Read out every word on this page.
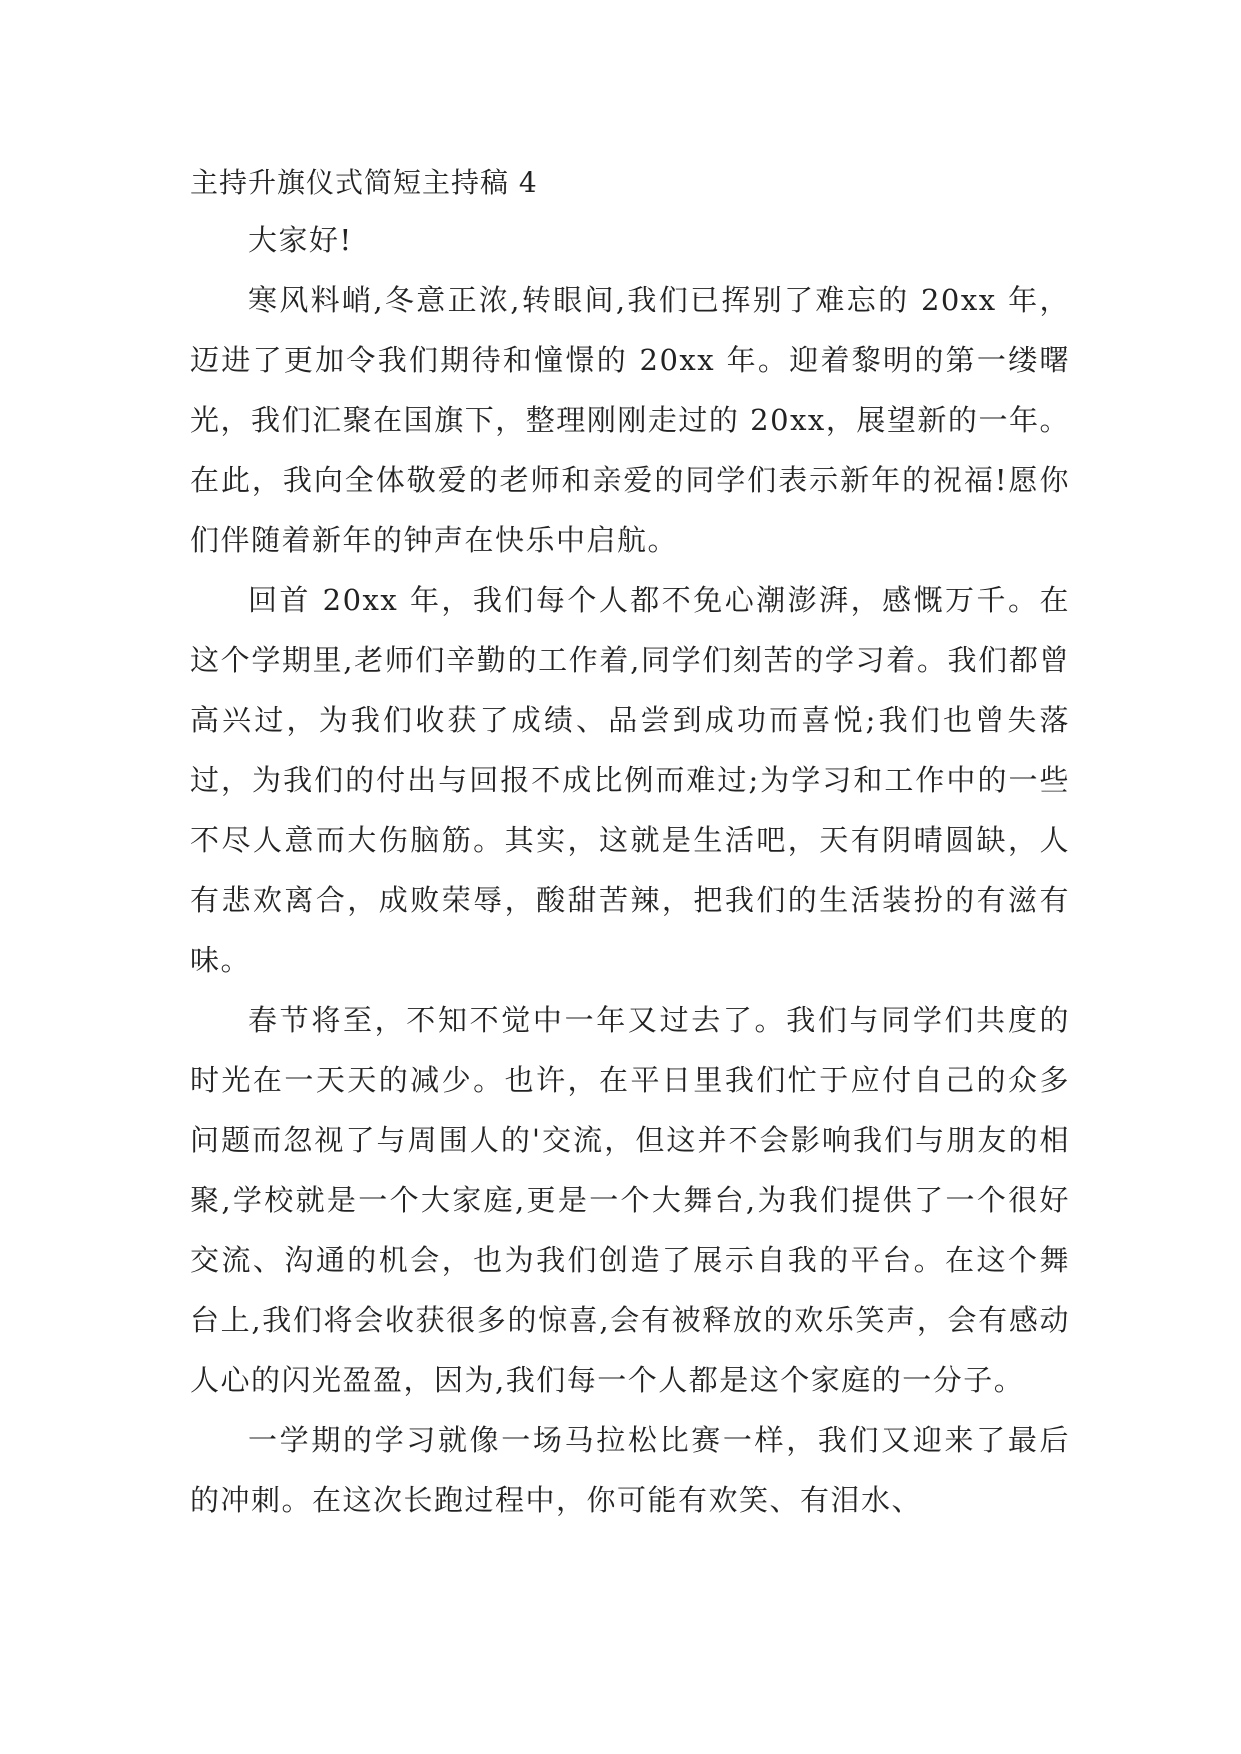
主持升旗仪式简短主持稿 4

大家好!

寒风料峭,冬意正浓,转眼间,我们已挥别了难忘的 20xx 年，迈进了更加令我们期待和憧憬的 20xx 年。迎着黎明的第一缕曙光，我们汇聚在国旗下，整理刚刚走过的 20xx，展望新的一年。在此，我向全体敬爱的老师和亲爱的同学们表示新年的祝福!愿你们伴随着新年的钟声在快乐中启航。

回首 20xx 年，我们每个人都不免心潮澎湃，感慨万千。在这个学期里,老师们辛勤的工作着,同学们刻苦的学习着。我们都曾高兴过，为我们收获了成绩、品尝到成功而喜悦;我们也曾失落过，为我们的付出与回报不成比例而难过;为学习和工作中的一些不尽人意而大伤脑筋。其实，这就是生活吧，天有阴晴圆缺，人有悲欢离合，成败荣辱，酸甜苦辣，把我们的生活装扮的有滋有味。

春节将至，不知不觉中一年又过去了。我们与同学们共度的时光在一天天的减少。也许，在平日里我们忙于应付自己的众多问题而忽视了与周围人的'交流，但这并不会影响我们与朋友的相聚,学校就是一个大家庭,更是一个大舞台,为我们提供了一个很好交流、沟通的机会，也为我们创造了展示自我的平台。在这个舞台上,我们将会收获很多的惊喜,会有被释放的欢乐笑声，会有感动人心的闪光盈盈，因为,我们每一个人都是这个家庭的一分子。

一学期的学习就像一场马拉松比赛一样，我们又迎来了最后的冲刺。在这次长跑过程中，你可能有欢笑、有泪水、
